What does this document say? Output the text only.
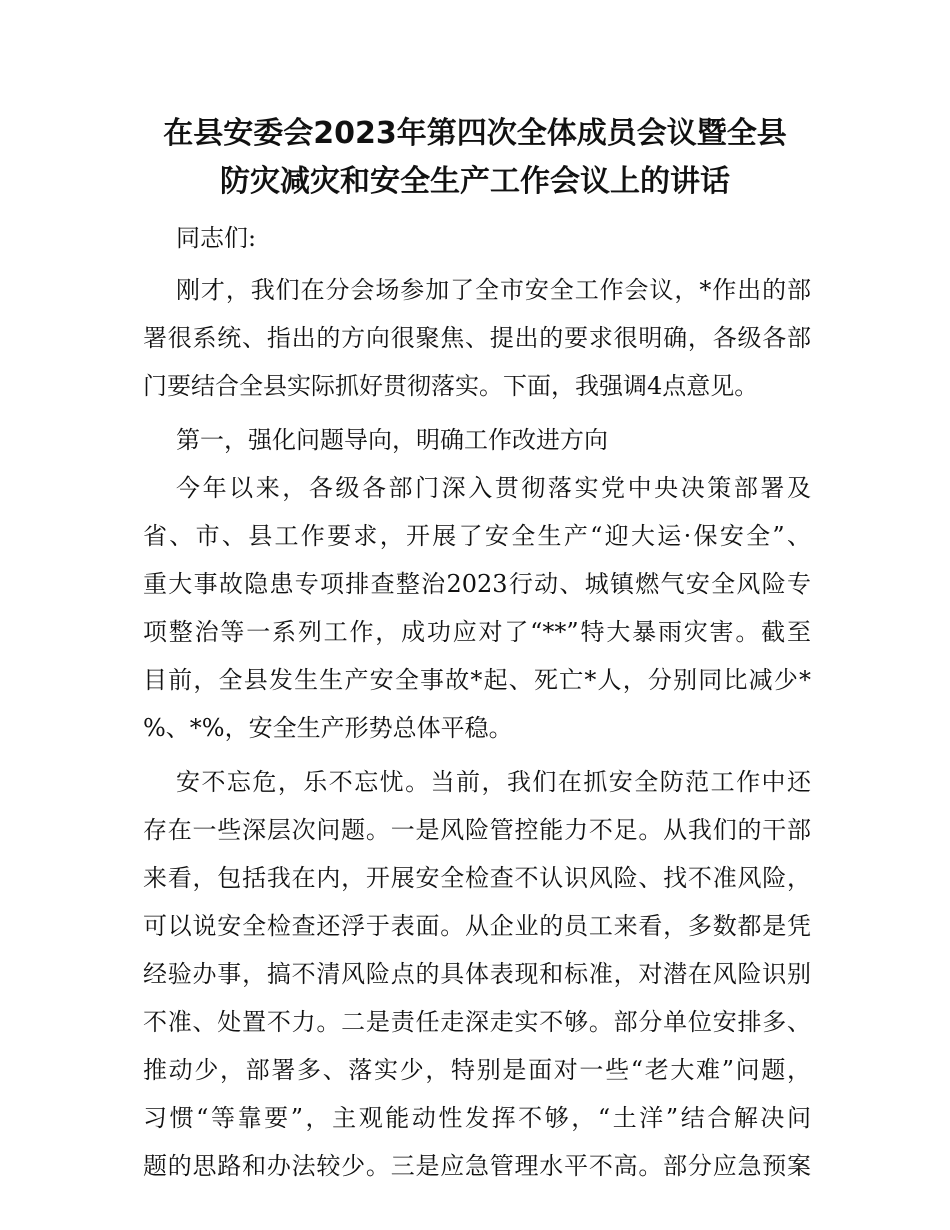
在县安委会2023年第四次全体成员会议暨全县
防灾减灾和安全生产工作会议上的讲话
同志们:
刚才，我们在分会场参加了全市安全工作会议，*作出的部
署很系统、指出的方向很聚焦、提出的要求很明确，各级各部
门要结合全县实际抓好贯彻落实。下面，我强调4点意见。
第一，强化问题导向，明确工作改进方向
今年以来，各级各部门深入贯彻落实党中央决策部署及
省、市、县工作要求，开展了安全生产“迎大运·保安全”、
重大事故隐患专项排查整治2023行动、城镇燃气安全风险专
项整治等一系列工作，成功应对了“**”特大暴雨灾害。截至
目前，全县发生生产安全事故*起、死亡*人，分别同比减少*
%、*%，安全生产形势总体平稳。
安不忘危，乐不忘忧。当前，我们在抓安全防范工作中还
存在一些深层次问题。一是风险管控能力不足。从我们的干部
来看，包括我在内，开展安全检查不认识风险、找不准风险，
可以说安全检查还浮于表面。从企业的员工来看，多数都是凭
经验办事，搞不清风险点的具体表现和标准，对潜在风险识别
不准、处置不力。二是责任走深走实不够。部分单位安排多、
推动少，部署多、落实少，特别是面对一些“老大难”问题，
习惯“等靠要”，主观能动性发挥不够，“土洋”结合解决问
题的思路和办法较少。三是应急管理水平不高。部分应急预案
